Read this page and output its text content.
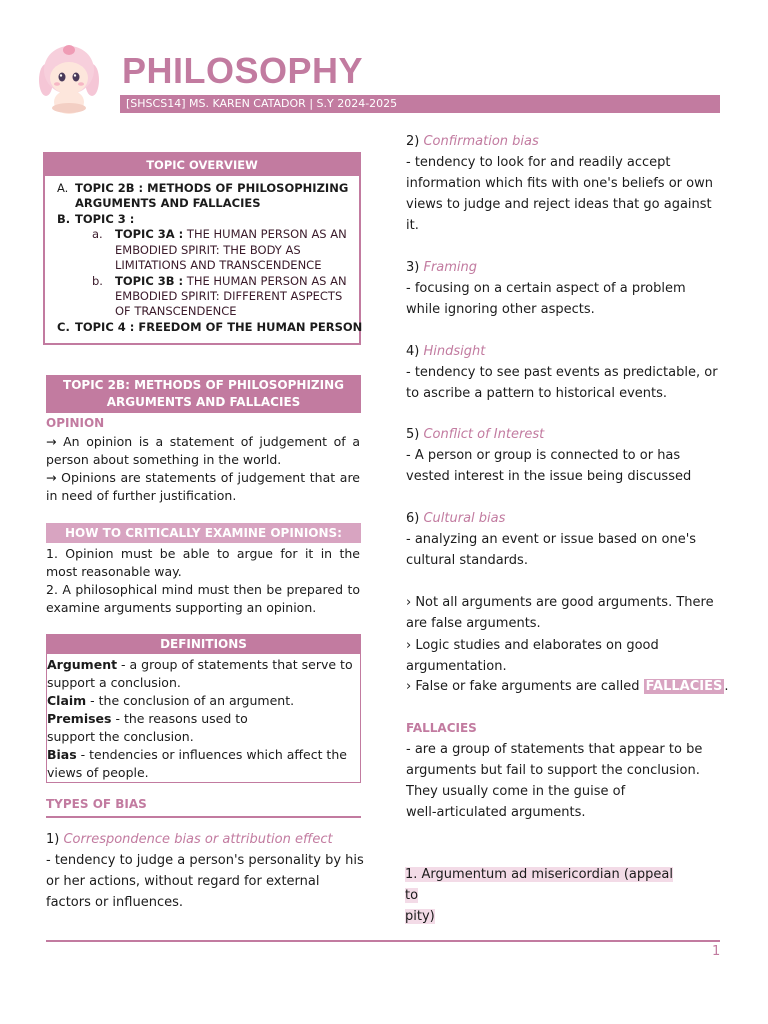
PHILOSOPHY
[SHSCS14] MS. KAREN CATADOR | S.Y 2024-2025
TOPIC OVERVIEW
A. TOPIC 2B : METHODS OF PHILOSOPHIZING
ARGUMENTS AND FALLACIES
B. TOPIC 3 :
a. TOPIC 3A : THE HUMAN PERSON AS AN
EMBODIED SPIRIT: THE BODY AS
LIMITATIONS AND TRANSCENDENCE
b. TOPIC 3B : THE HUMAN PERSON AS AN
EMBODIED SPIRIT: DIFFERENT ASPECTS
OF TRANSCENDENCE
C. TOPIC 4 : FREEDOM OF THE HUMAN PERSON
TOPIC 2B: METHODS OF PHILOSOPHIZING
ARGUMENTS AND FALLACIES
OPINION
→ An opinion is a statement of judgement of a person about something in the world.
→ Opinions are statements of judgement that are in need of further justification.
HOW TO CRITICALLY EXAMINE OPINIONS:
1. Opinion must be able to argue for it in the most reasonable way.
2. A philosophical mind must then be prepared to examine arguments supporting an opinion.
DEFINITIONS
Argument - a group of statements that serve to
support a conclusion.
Claim - the conclusion of an argument.
Premises - the reasons used to
support the conclusion.
Bias - tendencies or influences which affect the
views of people.
TYPES OF BIAS
1) Correspondence bias or attribution effect
- tendency to judge a person's personality by his
or her actions, without regard for external
factors or influences.
2) Confirmation bias
- tendency to look for and readily accept
information which fits with one's beliefs or own
views to judge and reject ideas that go against
it.
3) Framing
- focusing on a certain aspect of a problem
while ignoring other aspects.
4) Hindsight
- tendency to see past events as predictable, or
to ascribe a pattern to historical events.
5) Conflict of Interest
- A person or group is connected to or has
vested interest in the issue being discussed
6) Cultural bias
- analyzing an event or issue based on one's
cultural standards.
› Not all arguments are good arguments. There
are false arguments.
› Logic studies and elaborates on good
argumentation.
› False or fake arguments are called FALLACIES .
FALLACIES
- are a group of statements that appear to be
arguments but fail to support the conclusion.
They usually come in the guise of
well-articulated arguments.
1. Argumentum ad misericordian (appeal to
pity)
1
